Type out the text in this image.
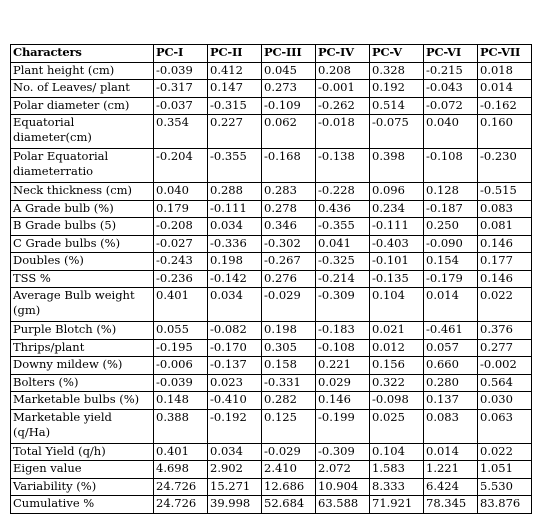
Characters	PC-I	PC-II	PC-III	PC-IV	PC-V	PC-VI	PC-VII
Plant height (cm)	-0.039	0.412	0.045	0.208	0.328	-0.215	0.018
No. of Leaves/ plant	-0.317	0.147	0.273	-0.001	0.192	-0.043	0.014
Polar diameter (cm)	-0.037	-0.315	-0.109	-0.262	0.514	-0.072	-0.162
Equatorial diameter(cm)	0.354	0.227	0.062	-0.018	-0.075	0.040	0.160
Polar Equatorial diameterratio	-0.204	-0.355	-0.168	-0.138	0.398	-0.108	-0.230
Neck thickness (cm)	0.040	0.288	0.283	-0.228	0.096	0.128	-0.515
A Grade bulb (%)	0.179	-0.111	0.278	0.436	0.234	-0.187	0.083
B Grade bulbs (5)	-0.208	0.034	0.346	-0.355	-0.111	0.250	0.081
C Grade bulbs (%)	-0.027	-0.336	-0.302	0.041	-0.403	-0.090	0.146
Doubles (%)	-0.243	0.198	-0.267	-0.325	-0.101	0.154	0.177
TSS %	-0.236	-0.142	0.276	-0.214	-0.135	-0.179	0.146
Average Bulb weight (gm)	0.401	0.034	-0.029	-0.309	0.104	0.014	0.022
Purple Blotch (%)	0.055	-0.082	0.198	-0.183	0.021	-0.461	0.376
Thrips/plant	-0.195	-0.170	0.305	-0.108	0.012	0.057	0.277
Downy mildew (%)	-0.006	-0.137	0.158	0.221	0.156	0.660	-0.002
Bolters (%)	-0.039	0.023	-0.331	0.029	0.322	0.280	0.564
Marketable bulbs (%)	0.148	-0.410	0.282	0.146	-0.098	0.137	0.030
Marketable yield (q/Ha)	0.388	-0.192	0.125	-0.199	0.025	0.083	0.063
Total Yield (q/h)	0.401	0.034	-0.029	-0.309	0.104	0.014	0.022
Eigen value	4.698	2.902	2.410	2.072	1.583	1.221	1.051
Variability (%)	24.726	15.271	12.686	10.904	8.333	6.424	5.530
Cumulative %	24.726	39.998	52.684	63.588	71.921	78.345	83.876
